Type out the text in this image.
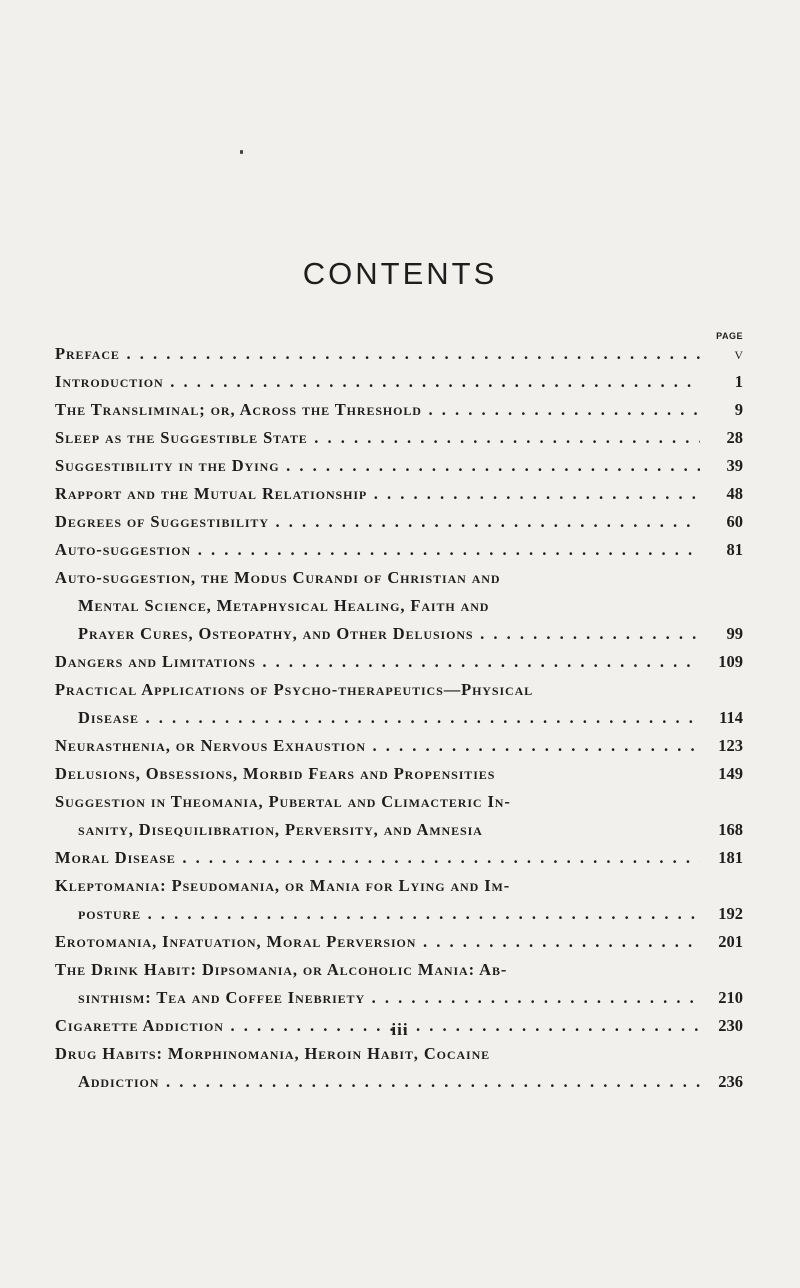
CONTENTS
PAGE
Preface . . .	v
Introduction . . .	1
The Transliminal; or, Across the Threshold . . .	9
Sleep as the Suggestible State . . .	28
Suggestibility in the Dying . . .	39
Rapport and the Mutual Relationship . . .	48
Degrees of Suggestibility . . .	60
Auto-suggestion . . .	81
Auto-suggestion, the Modus Curandi of Christian and
Mental Science, Metaphysical Healing, Faith and
Prayer Cures, Osteopathy, and Other Delusions . . .	99
Dangers and Limitations . . .	109
Practical Applications of Psycho-therapeutics—Physical
Disease . . .	114
Neurasthenia, or Nervous Exhaustion . . .	123
Delusions, Obsessions, Morbid Fears and Propensities	149
Suggestion in Theomania, Pubertal and Climacteric In-
sanity, Disequilibration, Perversity, and Amnesia	168
Moral Disease . . .	181
Kleptomania: Pseudomania, or Mania for Lying and Im-
posture . . .	192
Erotomania, Infatuation, Moral Perversion . . .	201
The Drink Habit: Dipsomania, or Alcoholic Mania: Ab-
sinthism: Tea and Coffee Inebriety . . .	210
Cigarette Addiction . . .	230
Drug Habits: Morphinomania, Heroin Habit, Cocaine
Addiction . . .	236
iii
